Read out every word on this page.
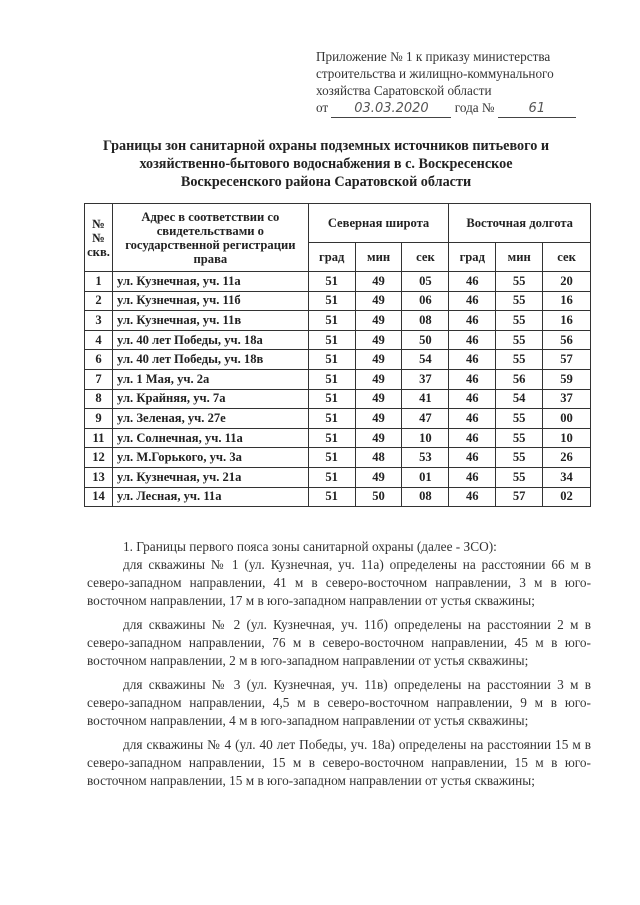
Приложение № 1 к приказу министерства
строительства и жилищно-коммунального
хозяйства Саратовской области
от 03.03.2020 года №	61
Границы зон санитарной охраны подземных источников питьевого и
хозяйственно-бытового водоснабжения в с. Воскресенское
Воскресенского района Саратовской области
№ № скв.	Адрес в соответствии со свидетельствами о государственной регистрации права	Северная широта			Восточная долгота		
		град	мин	сек	град	мин	сек
1	ул. Кузнечная, уч. 11а	51	49	05	46	55	20
2	ул. Кузнечная, уч. 11б	51	49	06	46	55	16
3	ул. Кузнечная, уч. 11в	51	49	08	46	55	16
4	ул. 40 лет Победы, уч. 18а	51	49	50	46	55	56
6	ул. 40 лет Победы, уч. 18в	51	49	54	46	55	57
7	ул. 1 Мая, уч. 2а	51	49	37	46	56	59
8	ул. Крайняя, уч. 7а	51	49	41	46	54	37
9	ул. Зеленая, уч. 27е	51	49	47	46	55	00
11	ул. Солнечная, уч. 11а	51	49	10	46	55	10
12	ул. М.Горького, уч. 3а	51	48	53	46	55	26
13	ул. Кузнечная, уч. 21а	51	49	01	46	55	34
14	ул. Лесная, уч. 11а	51	50	08	46	57	02

1. Границы первого пояса зоны санитарной охраны (далее - ЗСО):

для скважины № 1 (ул. Кузнечная, уч. 11а) определены на расстоянии 66 м в северо-западном направлении, 41 м в северо-восточном направлении, 3 м в юго-восточном направлении, 17 м в юго-западном направлении от устья скважины;

для скважины № 2 (ул. Кузнечная, уч. 11б) определены на расстоянии 2 м в северо-западном направлении, 76 м в северо-восточном направлении, 45 м в юго-восточном направлении, 2 м в юго-западном направлении от устья скважины;

для скважины № 3 (ул. Кузнечная, уч. 11в) определены на расстоянии 3 м в северо-западном направлении, 4,5 м в северо-восточном направлении, 9 м в юго-восточном направлении, 4 м в юго-западном направлении от устья скважины;

для скважины № 4 (ул. 40 лет Победы, уч. 18а) определены на расстоянии 15 м в северо-западном направлении, 15 м в северо-восточном направлении, 15 м в юго-восточном направлении, 15 м в юго-западном направлении от устья скважины;
